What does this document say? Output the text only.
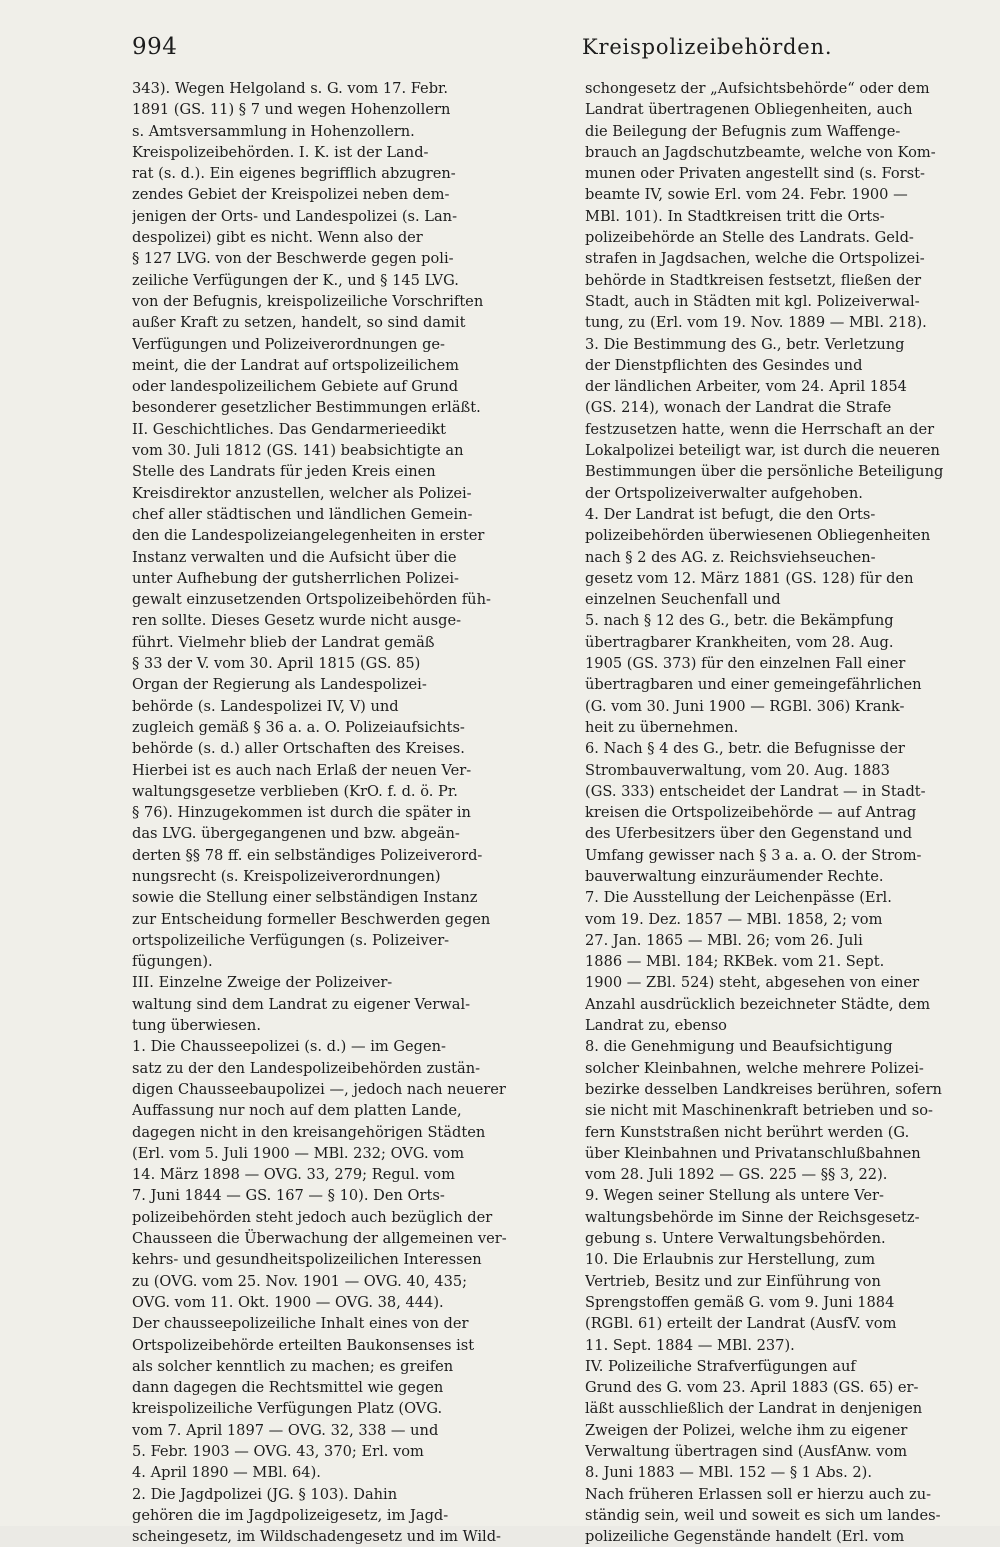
994	Kreispolizeibehörden.
343). Wegen Helgoland s. G. vom 17. Febr.
1891 (GS. 11) § 7 und wegen Hohenzollern
s. Amtsversammlung in Hohenzollern.
Kreispolizeibehörden. I. K. ist der Land-
rat (s. d.). Ein eigenes begrifflich abzugren-
zendes Gebiet der Kreispolizei neben dem-
jenigen der Orts- und Landespolizei (s. Lan-
despolizei) gibt es nicht. Wenn also der
§ 127 LVG. von der Beschwerde gegen poli-
zeiliche Verfügungen der K., und § 145 LVG.
von der Befugnis, kreispolizeiliche Vorschriften
außer Kraft zu setzen, handelt, so sind damit
Verfügungen und Polizeiverordnungen ge-
meint, die der Landrat auf ortspolizeilichem
oder landespolizeilichem Gebiete auf Grund
besonderer gesetzlicher Bestimmungen erläßt.
II. Geschichtliches. Das Gendarmerieedikt
vom 30. Juli 1812 (GS. 141) beabsichtigte an
Stelle des Landrats für jeden Kreis einen
Kreisdirektor anzustellen, welcher als Polizei-
chef aller städtischen und ländlichen Gemein-
den die Landespolizeiangelegenheiten in erster
Instanz verwalten und die Aufsicht über die
unter Aufhebung der gutsherrlichen Polizei-
gewalt einzusetzenden Ortspolizeibehörden füh-
ren sollte. Dieses Gesetz wurde nicht ausge-
führt. Vielmehr blieb der Landrat gemäß
§ 33 der V. vom 30. April 1815 (GS. 85)
Organ der Regierung als Landespolizei-
behörde (s. Landespolizei IV, V) und
zugleich gemäß § 36 a. a. O. Polizeiaufsichts-
behörde (s. d.) aller Ortschaften des Kreises.
Hierbei ist es auch nach Erlaß der neuen Ver-
waltungsgesetze verblieben (KrO. f. d. ö. Pr.
§ 76). Hinzugekommen ist durch die später in
das LVG. übergegangenen und bzw. abgeän-
derten §§ 78 ff. ein selbständiges Polizeiverord-
nungsrecht (s. Kreispolizeiverordnungen)
sowie die Stellung einer selbständigen Instanz
zur Entscheidung formeller Beschwerden gegen
ortspolizeiliche Verfügungen (s. Polizeiver-
fügungen).
III. Einzelne Zweige der Polizeiver-
waltung sind dem Landrat zu eigener Verwal-
tung überwiesen.
1. Die Chausseepolizei (s. d.) — im Gegen-
satz zu der den Landespolizeibehörden zustän-
digen Chausseebaupolizei —, jedoch nach neuerer
Auffassung nur noch auf dem platten Lande,
dagegen nicht in den kreisangehörigen Städten
(Erl. vom 5. Juli 1900 — MBl. 232; OVG. vom
14. März 1898 — OVG. 33, 279; Regul. vom
7. Juni 1844 — GS. 167 — § 10). Den Orts-
polizeibehörden steht jedoch auch bezüglich der
Chausseen die Überwachung der allgemeinen ver-
kehrs- und gesundheitspolizeilichen Interessen
zu (OVG. vom 25. Nov. 1901 — OVG. 40, 435;
OVG. vom 11. Okt. 1900 — OVG. 38, 444).
Der chausseepolizeiliche Inhalt eines von der
Ortspolizeibehörde erteilten Baukonsenses ist
als solcher kenntlich zu machen; es greifen
dann dagegen die Rechtsmittel wie gegen
kreispolizeiliche Verfügungen Platz (OVG.
vom 7. April 1897 — OVG. 32, 338 — und
5. Febr. 1903 — OVG. 43, 370; Erl. vom
4. April 1890 — MBl. 64).
2. Die Jagdpolizei (JG. § 103). Dahin
gehören die im Jagdpolizeigesetz, im Jagd-
scheingesetz, im Wildschadengesetz und im Wild-
schongesetz der „Aufsichtsbehörde“ oder dem
Landrat übertragenen Obliegenheiten, auch
die Beilegung der Befugnis zum Waffenge-
brauch an Jagdschutzbeamte, welche von Kom-
munen oder Privaten angestellt sind (s. Forst-
beamte IV, sowie Erl. vom 24. Febr. 1900 —
MBl. 101). In Stadtkreisen tritt die Orts-
polizeibehörde an Stelle des Landrats. Geld-
strafen in Jagdsachen, welche die Ortspolizei-
behörde in Stadtkreisen festsetzt, fließen der
Stadt, auch in Städten mit kgl. Polizeiverwal-
tung, zu (Erl. vom 19. Nov. 1889 — MBl. 218).
3. Die Bestimmung des G., betr. Verletzung
der Dienstpflichten des Gesindes und
der ländlichen Arbeiter, vom 24. April 1854
(GS. 214), wonach der Landrat die Strafe
festzusetzen hatte, wenn die Herrschaft an der
Lokalpolizei beteiligt war, ist durch die neueren
Bestimmungen über die persönliche Beteiligung
der Ortspolizeiverwalter aufgehoben.
4. Der Landrat ist befugt, die den Orts-
polizeibehörden überwiesenen Obliegenheiten
nach § 2 des AG. z. Reichsviehseuchen-
gesetz vom 12. März 1881 (GS. 128) für den
einzelnen Seuchenfall und
5. nach § 12 des G., betr. die Bekämpfung
übertragbarer Krankheiten, vom 28. Aug.
1905 (GS. 373) für den einzelnen Fall einer
übertragbaren und einer gemeingefährlichen
(G. vom 30. Juni 1900 — RGBl. 306) Krank-
heit zu übernehmen.
6. Nach § 4 des G., betr. die Befugnisse der
Strombauverwaltung, vom 20. Aug. 1883
(GS. 333) entscheidet der Landrat — in Stadt-
kreisen die Ortspolizeibehörde — auf Antrag
des Uferbesitzers über den Gegenstand und
Umfang gewisser nach § 3 a. a. O. der Strom-
bauverwaltung einzuräumender Rechte.
7. Die Ausstellung der Leichenpässe (Erl.
vom 19. Dez. 1857 — MBl. 1858, 2; vom
27. Jan. 1865 — MBl. 26; vom 26. Juli
1886 — MBl. 184; RKBek. vom 21. Sept.
1900 — ZBl. 524) steht, abgesehen von einer
Anzahl ausdrücklich bezeichneter Städte, dem
Landrat zu, ebenso
8. die Genehmigung und Beaufsichtigung
solcher Kleinbahnen, welche mehrere Polizei-
bezirke desselben Landkreises berühren, sofern
sie nicht mit Maschinenkraft betrieben und so-
fern Kunststraßen nicht berührt werden (G.
über Kleinbahnen und Privatanschlußbahnen
vom 28. Juli 1892 — GS. 225 — §§ 3, 22).
9. Wegen seiner Stellung als untere Ver-
waltungsbehörde im Sinne der Reichsgesetz-
gebung s. Untere Verwaltungsbehörden.
10. Die Erlaubnis zur Herstellung, zum
Vertrieb, Besitz und zur Einführung von
Sprengstoffen gemäß G. vom 9. Juni 1884
(RGBl. 61) erteilt der Landrat (AusfV. vom
11. Sept. 1884 — MBl. 237).
IV. Polizeiliche Strafverfügungen auf
Grund des G. vom 23. April 1883 (GS. 65) er-
läßt ausschließlich der Landrat in denjenigen
Zweigen der Polizei, welche ihm zu eigener
Verwaltung übertragen sind (AusfAnw. vom
8. Juni 1883 — MBl. 152 — § 1 Abs. 2).
Nach früheren Erlassen soll er hierzu auch zu-
ständig sein, weil und soweit es sich um landes-
polizeiliche Gegenstände handelt (Erl. vom
